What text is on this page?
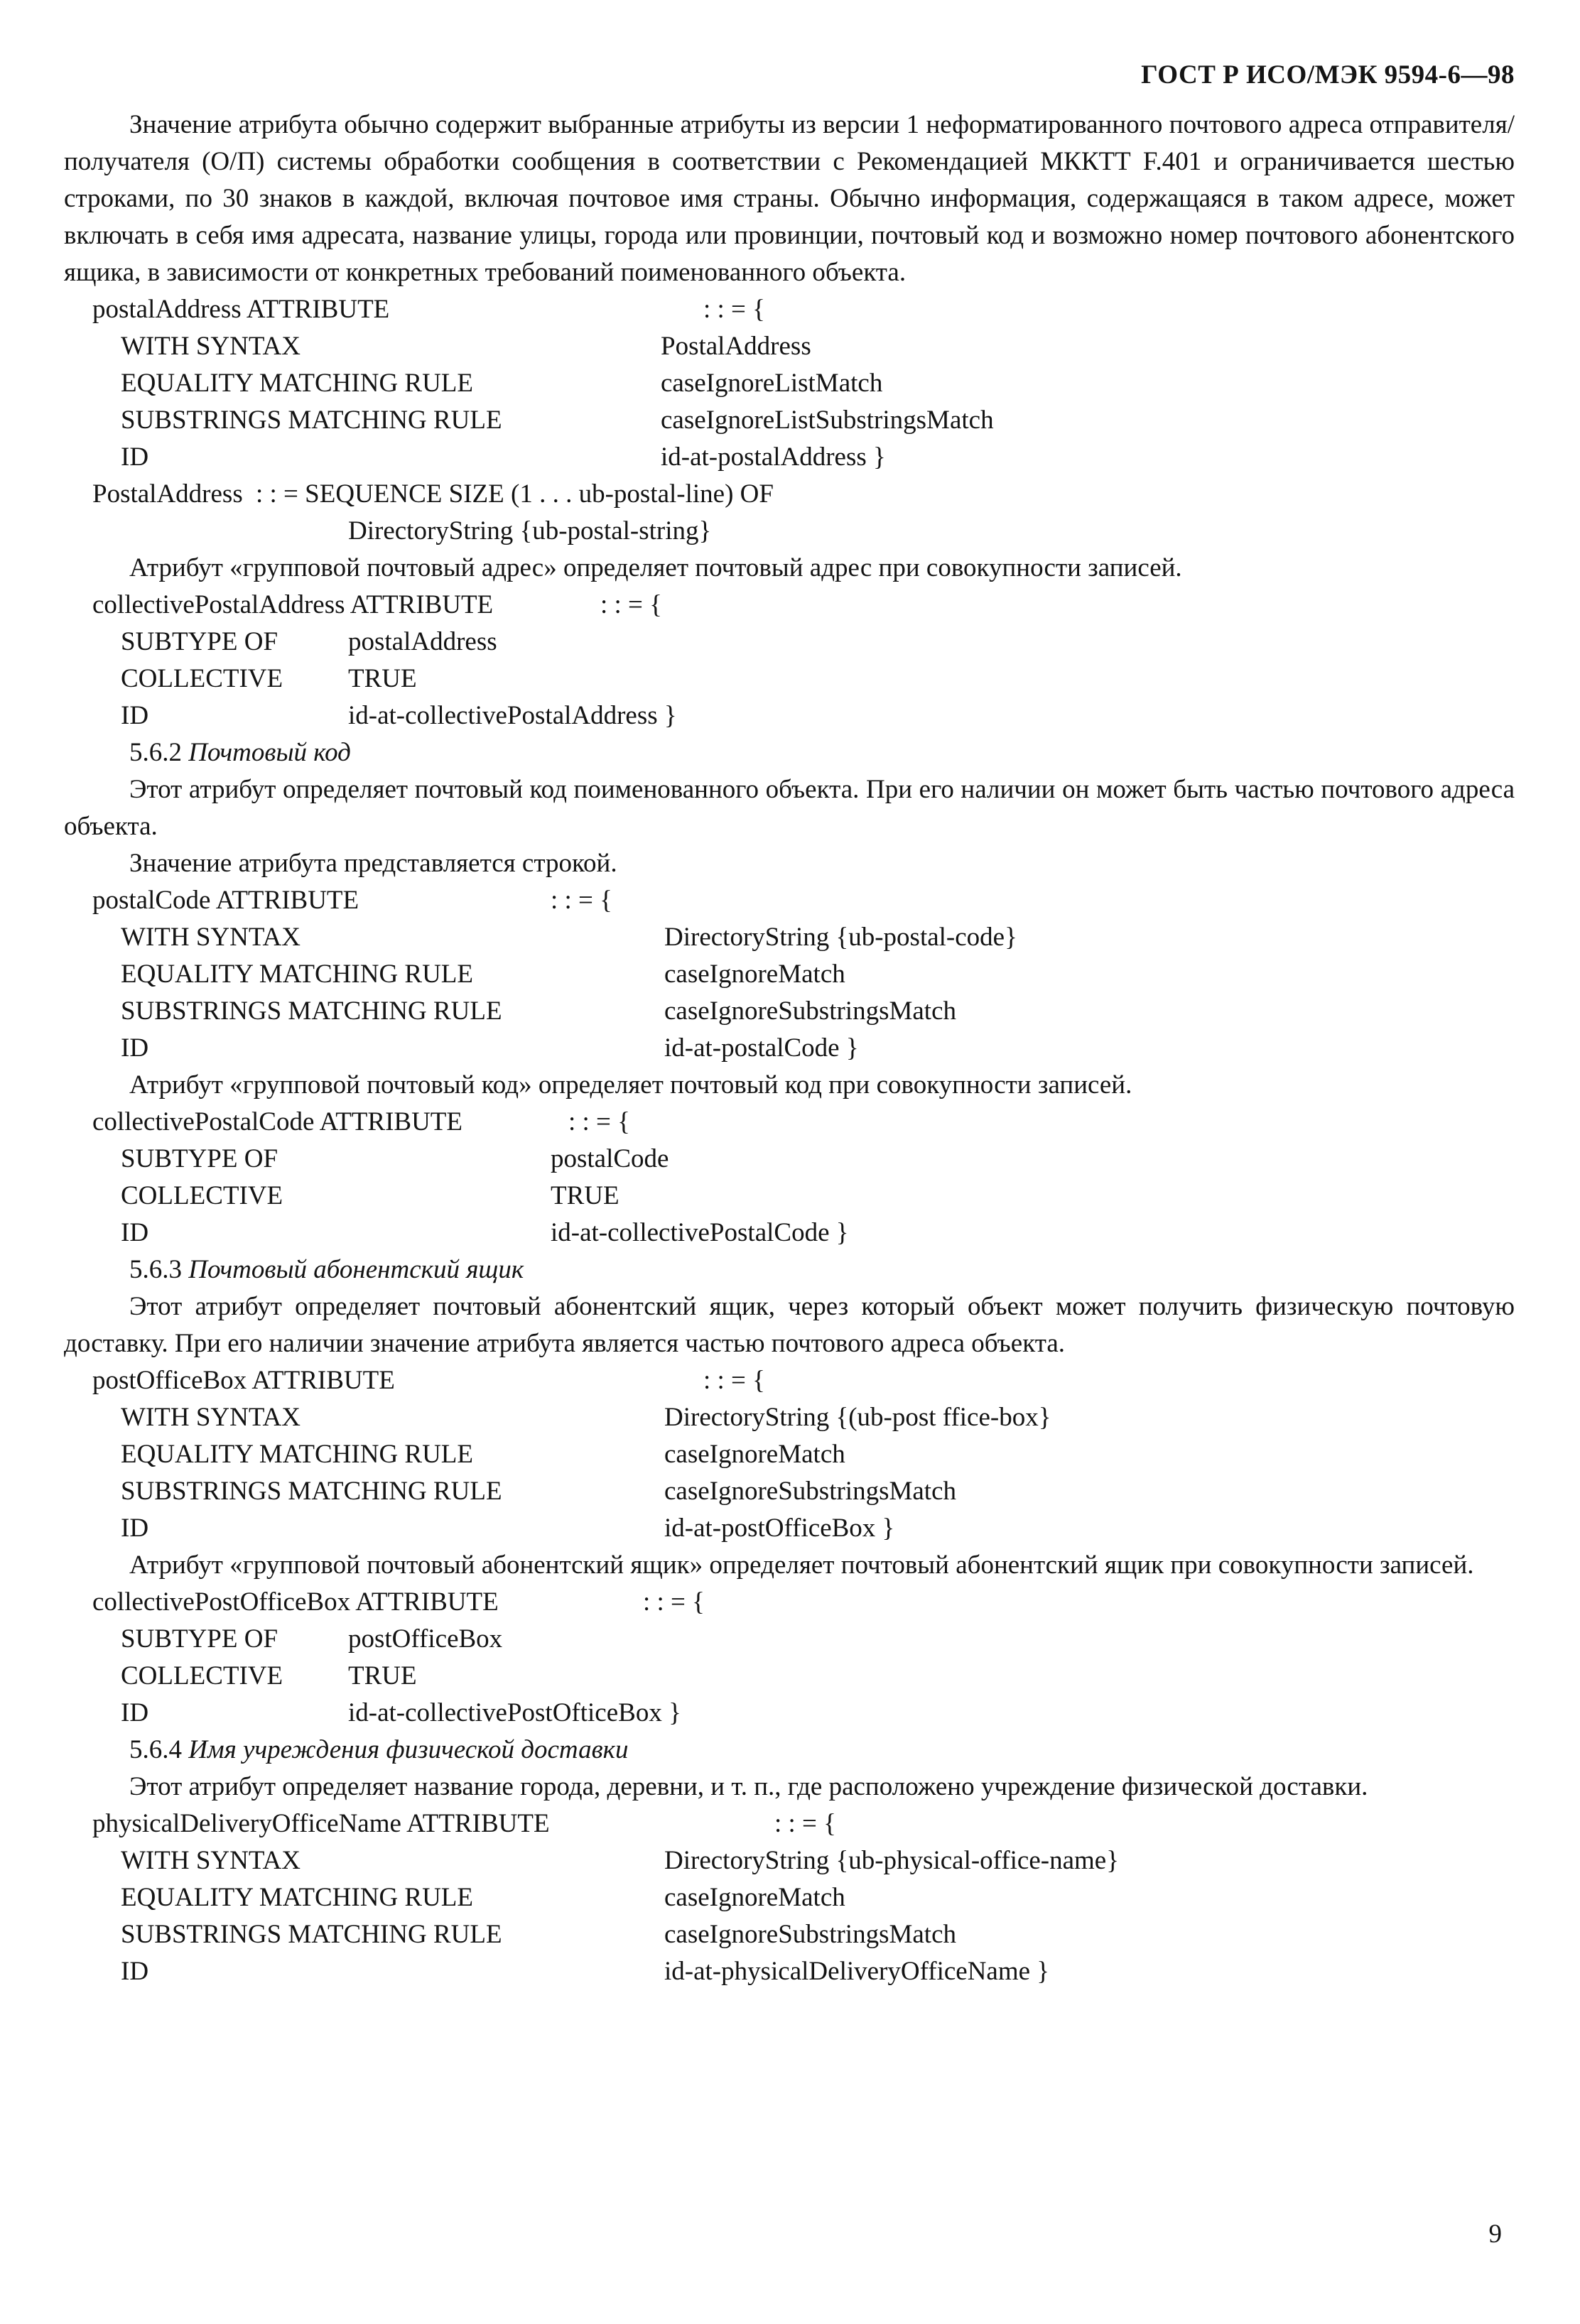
ГОСТ Р ИСО/МЭК 9594-6—98

Значение атрибута обычно содержит выбранные атрибуты из версии 1 неформатированного почтового адреса отправителя/получателя (О/П) системы обработки сообщения в соответствии с Рекомендацией МККТТ F.401 и ограничивается шестью строками, по 30 знаков в каждой, включая почтовое имя страны. Обычно информация, содержащаяся в таком адресе, может включать в себя имя адресата, название улицы, города или провинции, почтовый код и возможно номер почтового абонентского ящика, в зависимости от конкретных требований поименованного объекта.

postalAddress ATTRIBUTE	: : = {
WITH SYNTAX	PostalAddress
EQUALITY MATCHING RULE	caseIgnoreListMatch
SUBSTRINGS MATCHING RULE	caseIgnoreListSubstringsMatch
ID	id-at-postalAddress }
PostalAddress : : = SEQUENCE SIZE (1 . . . ub-postal-line) OF
DirectoryString {ub-postal-string}

Атрибут «групповой почтовый адрес» определяет почтовый адрес при совокупности записей.

collectivePostalAddress ATTRIBUTE	: : = {
SUBTYPE OF	postalAddress
COLLECTIVE	TRUE
ID	id-at-collectivePostalAddress }

5.6.2 Почтовый код

Этот атрибут определяет почтовый код поименованного объекта. При его наличии он может быть частью почтового адреса объекта.

Значение атрибута представляется строкой.

postalCode ATTRIBUTE	: : = {
WITH SYNTAX	DirectoryString {ub-postal-code}
EQUALITY MATCHING RULE	caseIgnoreMatch
SUBSTRINGS MATCHING RULE	caseIgnoreSubstringsMatch
ID	id-at-postalCode }

Атрибут «групповой почтовый код» определяет почтовый код при совокупности записей.

collectivePostalCode ATTRIBUTE	: : = {
SUBTYPE OF	postalCode
COLLECTIVE	TRUE
ID	id-at-collectivePostalCode }

5.6.3 Почтовый абонентский ящик

Этот атрибут определяет почтовый абонентский ящик, через который объект может получить физическую почтовую доставку. При его наличии значение атрибута является частью почтового адреса объекта.

postOfficeBox ATTRIBUTE	: : = {
WITH SYNTAX	DirectoryString {(ub-post ffice-box}
EQUALITY MATCHING RULE	caseIgnoreMatch
SUBSTRINGS MATCHING RULE	caseIgnoreSubstringsMatch
ID	id-at-postOfficeBox }

Атрибут «групповой почтовый абонентский ящик» определяет почтовый абонентский ящик при совокупности записей.

collectivePostOfficeBox ATTRIBUTE	: : = {
SUBTYPE OF	postOfficeBox
COLLECTIVE	TRUE
ID	id-at-collectivePostOfticeBox }

5.6.4 Имя учреждения физической доставки

Этот атрибут определяет название города, деревни, и т. п., где расположено учреждение физической доставки.

physicalDeliveryOfficeName ATTRIBUTE	: : = {
WITH SYNTAX	DirectoryString {ub-physical-office-name}
EQUALITY MATCHING RULE	caseIgnoreMatch
SUBSTRINGS MATCHING RULE	caseIgnoreSubstringsMatch
ID	id-at-physicalDeliveryOfficeName }
9
